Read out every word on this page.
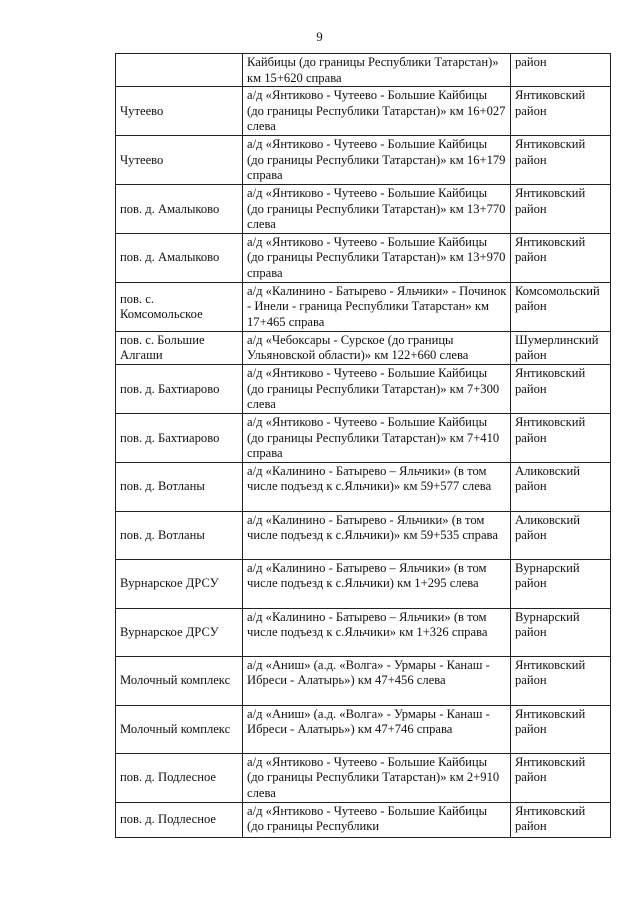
9
	Кайбицы (до границы Республики Татарстан)» км 15+620 справа	район
Чутеево	а/д «Янтиково - Чутеево - Большие Кайбицы (до границы Республики Татарстан)» км 16+027 слева	Янтиковский район
Чутеево	а/д «Янтиково - Чутеево - Большие Кайбицы (до границы Республики Татарстан)» км 16+179 справа	Янтиковский район
пов. д. Амалыково	а/д «Янтиково - Чутеево - Большие Кайбицы (до границы Республики Татарстан)» км 13+770 слева	Янтиковский район
пов. д. Амалыково	а/д «Янтиково - Чутеево - Большие Кайбицы (до границы Республики Татарстан)» км 13+970 справа	Янтиковский район
пов. с. Комсомольское	а/д «Калинино - Батырево - Яльчики» - Починок - Инели - граница Республики Татарстан» км 17+465 справа	Комсомольский район
пов. с. Большие Алгаши	а/д «Чебоксары - Сурское (до границы Ульяновской области)» км 122+660 слева	Шумерлинский район
пов. д. Бахтиарово	а/д «Янтиково - Чутеево - Большие Кайбицы (до границы Республики Татарстан)» км 7+300 слева	Янтиковский район
пов. д. Бахтиарово	а/д «Янтиково - Чутеево - Большие Кайбицы (до границы Республики Татарстан)» км 7+410 справа	Янтиковский район
пов. д. Вотланы	а/д «Калинино - Батырево – Яльчики» (в том числе подъезд к с.Яльчики)» км 59+577 слева	Аликовский район
пов. д. Вотланы	а/д «Калинино - Батырево - Яльчики» (в том числе подъезд к с.Яльчики)» км 59+535 справа	Аликовский район
Вурнарское ДРСУ	а/д «Калинино - Батырево – Яльчики» (в том числе подъезд к с.Яльчики) км 1+295 слева	Вурнарский район
Вурнарское ДРСУ	а/д «Калинино - Батырево – Яльчики» (в том числе подъезд к с.Яльчики» км 1+326 справа	Вурнарский район
Молочный комплекс	а/д «Аниш» (а.д. «Волга» - Урмары - Канаш - Ибреси - Алатырь») км 47+456 слева	Янтиковский район
Молочный комплекс	а/д «Аниш» (а.д. «Волга» - Урмары - Канаш - Ибреси - Алатырь») км 47+746 справа	Янтиковский район
пов. д. Подлесное	а/д «Янтиково - Чутеево - Большие Кайбицы (до границы Республики Татарстан)» км 2+910 слева	Янтиковский район
пов. д. Подлесное	а/д «Янтиково - Чутеево - Большие Кайбицы (до границы Республики	Янтиковский район
